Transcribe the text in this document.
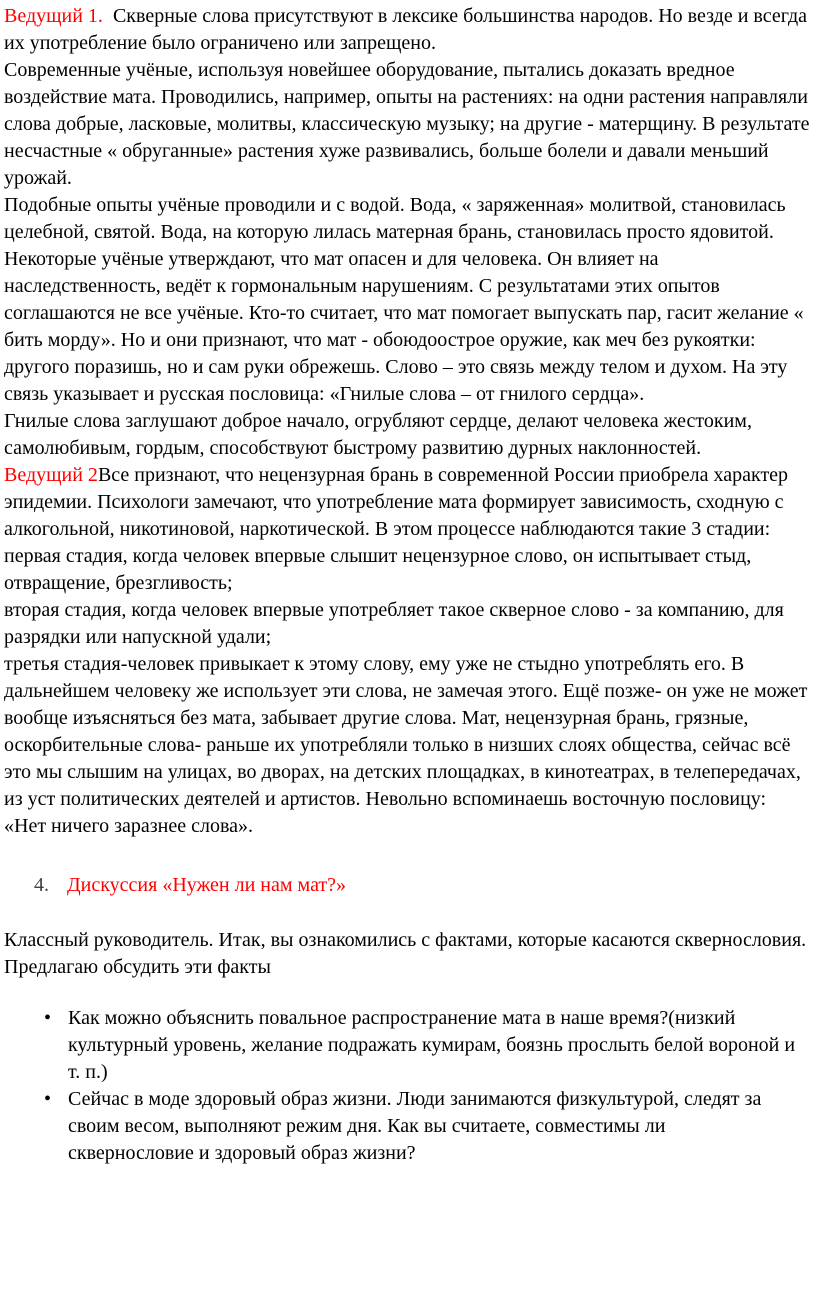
Ведущий 1.  Скверные слова присутствуют в лексике большинства народов. Но везде и всегда их употребление было ограничено или запрещено.

Современные учёные, используя новейшее оборудование, пытались доказать вредное воздействие мата. Проводились, например, опыты на растениях: на одни растения направляли слова добрые, ласковые, молитвы, классическую музыку; на другие - матерщину. В результате несчастные « обруганные» растения хуже развивались, больше болели и давали меньший урожай.

Подобные опыты учёные проводили и с водой. Вода, « заряженная» молитвой, становилась целебной, святой. Вода, на которую лилась матерная брань, становилась просто ядовитой. Некоторые учёные утверждают, что мат опасен и для человека. Он влияет на наследственность, ведёт к гормональным нарушениям. С результатами этих опытов соглашаются не все учёные. Кто-то считает, что мат помогает выпускать пар, гасит желание « бить морду». Но и они признают, что мат - обоюдоострое оружие, как меч без рукоятки: другого поразишь, но и сам руки обрежешь. Слово – это связь между телом и духом. На эту связь указывает и русская пословица: «Гнилые слова – от гнилого сердца».

Гнилые слова заглушают доброе начало, огрубляют сердце, делают человека жестоким, самолюбивым, гордым, способствуют быстрому развитию дурных наклонностей.

Ведущий 2Все признают, что нецензурная брань в современной России приобрела характер эпидемии. Психологи замечают, что употребление мата формирует зависимость, сходную с алкогольной, никотиновой, наркотической. В этом процессе наблюдаются такие 3 стадии:

первая стадия, когда человек впервые слышит нецензурное слово, он испытывает стыд, отвращение, брезгливость;

вторая стадия, когда человек впервые употребляет такое скверное слово - за компанию, для разрядки или напускной удали;

третья стадия-человек привыкает к этому слову, ему уже не стыдно употреблять его. В дальнейшем человеку же использует эти слова, не замечая этого. Ещё позже- он уже не может вообще изъясняться без мата, забывает другие слова. Мат, нецензурная брань, грязные, оскорбительные слова- раньше их употребляли только в низших слоях общества, сейчас всё это мы слышим на улицах, во дворах, на детских площадках, в кинотеатрах, в телепередачах, из уст политических деятелей и артистов. Невольно вспоминаешь восточную пословицу: «Нет ничего заразнее слова».

4. Дискуссия «Нужен ли нам мат?»

Классный руководитель. Итак, вы ознакомились с фактами, которые касаются сквернословия. Предлагаю обсудить эти факты

• Как можно объяснить повальное распространение мата в наше время?(низкий культурный уровень, желание подражать кумирам, боязнь прослыть белой вороной и т. п.)
• Сейчас в моде здоровый образ жизни. Люди занимаются физкультурой, следят за своим весом, выполняют режим дня. Как вы считаете, совместимы ли сквернословие и здоровый образ жизни?
